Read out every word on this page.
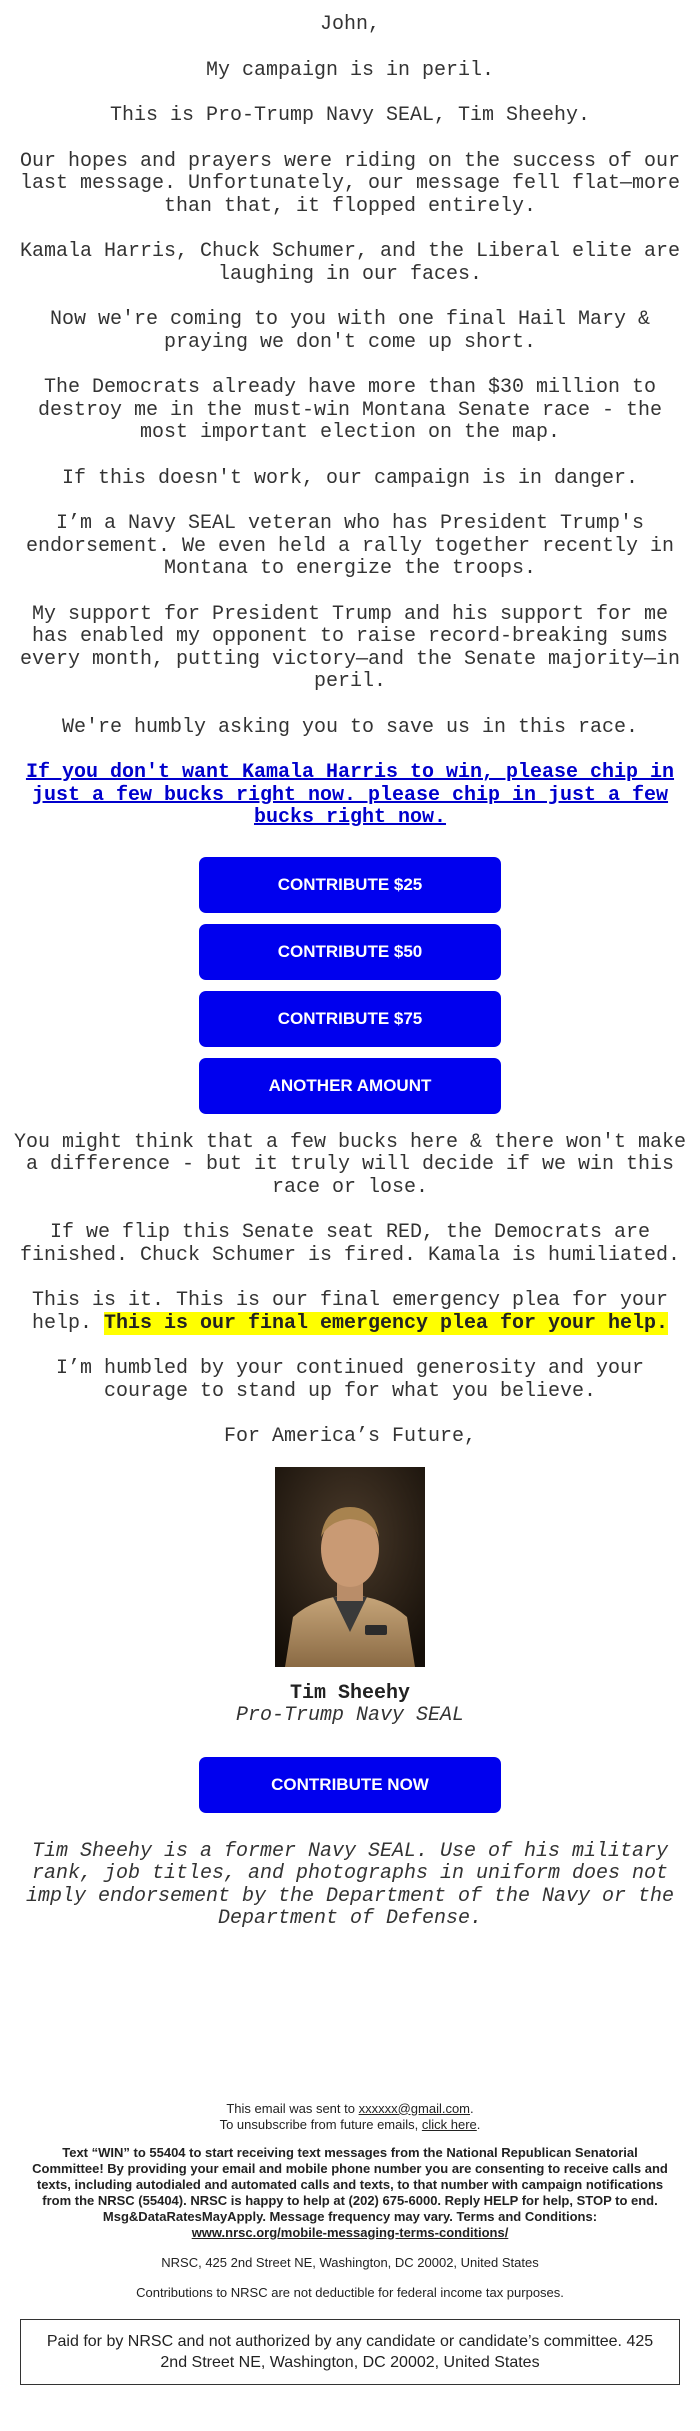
John,

My campaign is in peril.

This is Pro-Trump Navy SEAL, Tim Sheehy.

Our hopes and prayers were riding on the success of our last message. Unfortunately, our message fell flat—more than that, it flopped entirely.

Kamala Harris, Chuck Schumer, and the Liberal elite are laughing in our faces.

Now we're coming to you with one final Hail Mary & praying we don't come up short.

The Democrats already have more than $30 million to destroy me in the must-win Montana Senate race - the most important election on the map.

If this doesn't work, our campaign is in danger.

I’m a Navy SEAL veteran who has President Trump's endorsement. We even held a rally together recently in Montana to energize the troops.

My support for President Trump and his support for me has enabled my opponent to raise record-breaking sums every month, putting victory—and the Senate majority—in peril.

We're humbly asking you to save us in this race.

If you don't want Kamala Harris to win, please chip in just a few bucks right now. please chip in just a few bucks right now.
CONTRIBUTE $25
CONTRIBUTE $50
CONTRIBUTE $75
ANOTHER AMOUNT

You might think that a few bucks here & there won't make a difference - but it truly will decide if we win this race or lose.

If we flip this Senate seat RED, the Democrats are finished. Chuck Schumer is fired. Kamala is humiliated.

This is it. This is our final emergency plea for your help. This is our final emergency plea for your help.

I’m humbled by your continued generosity and your courage to stand up for what you believe.

For America’s Future,

Tim Sheehy

Pro-Trump Navy SEAL

CONTRIBUTE NOW

Tim Sheehy is a former Navy SEAL. Use of his military rank, job titles, and photographs in uniform does not imply endorsement by the Department of the Navy or the Department of Defense.

This email was sent to xxxxxx@gmail.com.
To unsubscribe from future emails, click here.
Text “WIN” to 55404 to start receiving text messages from the National Republican Senatorial Committee! By providing your email and mobile phone number you are consenting to receive calls and texts, including autodialed and automated calls and texts, to that number with campaign notifications from the NRSC (55404). NRSC is happy to help at (202) 675-6000. Reply HELP for help, STOP to end. Msg&DataRatesMayApply. Message frequency may vary. Terms and Conditions:
www.nrsc.org/mobile-messaging-terms-conditions/
NRSC, 425 2nd Street NE, Washington, DC 20002, United States
Contributions to NRSC are not deductible for federal income tax purposes.
Paid for by NRSC and not authorized by any candidate or candidate’s committee. 425 2nd Street NE, Washington, DC 20002, United States
